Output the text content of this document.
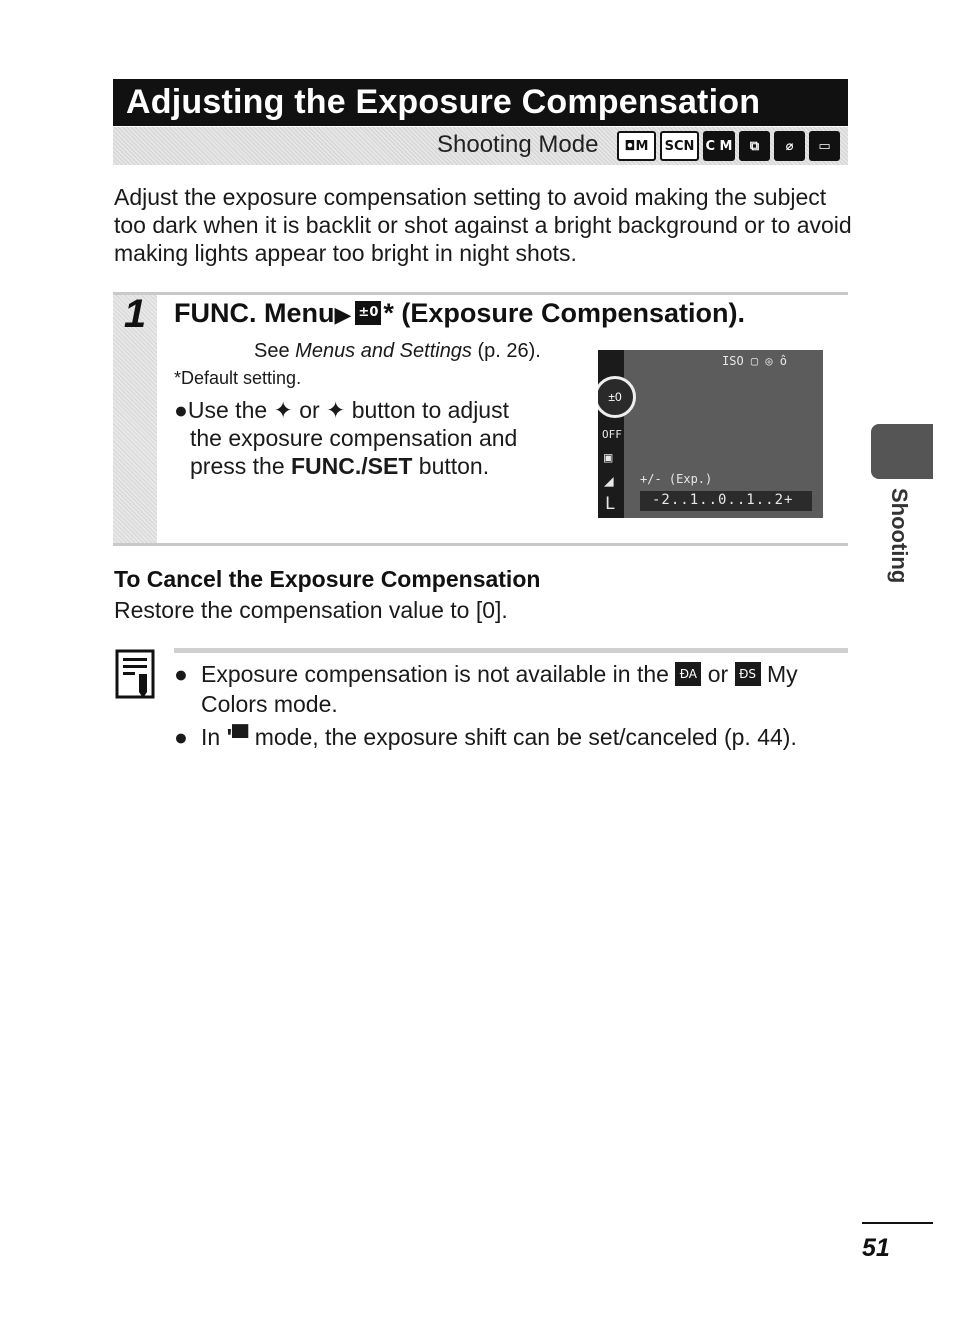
Adjusting the Exposure Compensation
Shooting Mode	◘M	SCN C M	⧉	⌀	▭
Adjust the exposure compensation setting to avoid making the subject too dark when it is backlit or shot against a bright background or to avoid making lights appear too bright in night shots.
1	FUNC. Menu▶ ±0 * (Exposure Compensation).
See Menus and Settings (p. 26).
*Default setting.
●Use the ✦ or ✦ button to adjust
the exposure compensation and
press the FUNC./SET button.
±0
OFF
▣
◢
L
ISO ▢ ◎ ô
+/- (Exp.)
-2..1..0..1..2+	Shooting
To Cancel the Exposure Compensation
Restore the compensation value to [0].
● Exposure compensation is not available in the ĐA or ĐS My
Colors mode.
● In '▀ mode, the exposure shift can be set/canceled (p. 44).
51
